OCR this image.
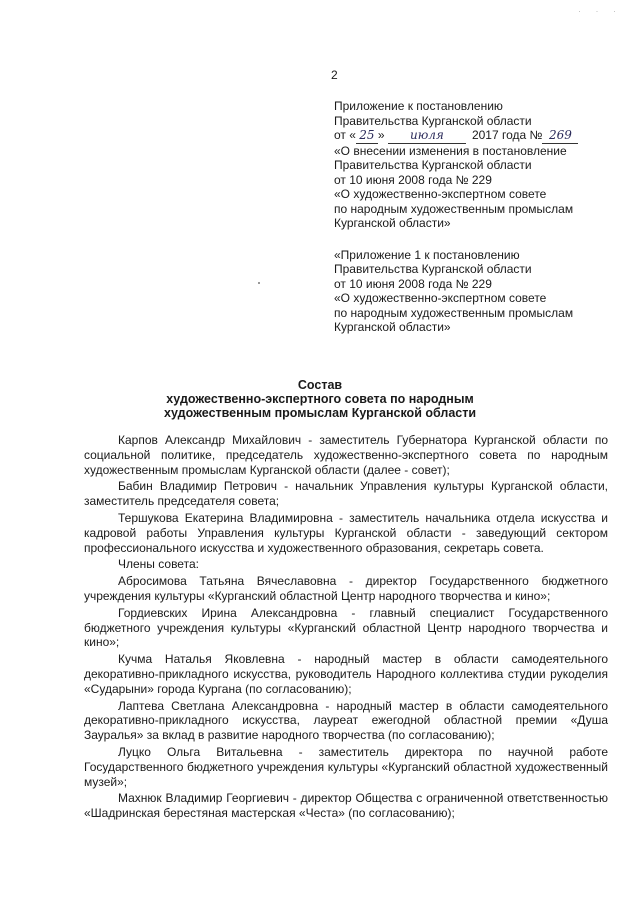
· · ·
2
Приложение к постановлению
Правительства Курганской области
от « 25 » июля 2017 года № 269
«О внесении изменения в постановление
Правительства Курганской области
от 10 июня 2008 года № 229
«О художественно-экспертном совете
по народным художественным промыслам
Курганской области»
«Приложение 1 к постановлению
Правительства Курганской области
от 10 июня 2008 года № 229
«О художественно-экспертном совете
по народным художественным промыслам
Курганской области»
Состав
художественно-экспертного совета по народным
художественным промыслам Курганской области

Карпов Александр Михайлович - заместитель Губернатора Курганской области по социальной политике, председатель художественно-экспертного совета по народным художественным промыслам Курганской области (далее - совет);

Бабин Владимир Петрович - начальник Управления культуры Курганской области, заместитель председателя совета;

Тершукова Екатерина Владимировна - заместитель начальника отдела искусства и кадровой работы Управления культуры Курганской области - заведующий сектором профессионального искусства и художественного образования, секретарь совета.

Члены совета:

Абросимова Татьяна Вячеславовна - директор Государственного бюджетного учреждения культуры «Курганский областной Центр народного творчества и кино»;

Гордиевских Ирина Александровна - главный специалист Государственного бюджетного учреждения культуры «Курганский областной Центр народного творчества и кино»;

Кучма Наталья Яковлевна - народный мастер в области самодеятельного декоративно-прикладного искусства, руководитель Народного коллектива студии рукоделия «Сударыни» города Кургана (по согласованию);

Лаптева Светлана Александровна - народный мастер в области самодеятельного декоративно-прикладного искусства, лауреат ежегодной областной премии «Душа Зауралья» за вклад в развитие народного творчества (по согласованию);

Луцко Ольга Витальевна - заместитель директора по научной работе Государственного бюджетного учреждения культуры «Курганский областной художественный музей»;

Махнюк Владимир Георгиевич - директор Общества с ограниченной ответственностью «Шадринская берестяная мастерская «Честа» (по согласованию);
